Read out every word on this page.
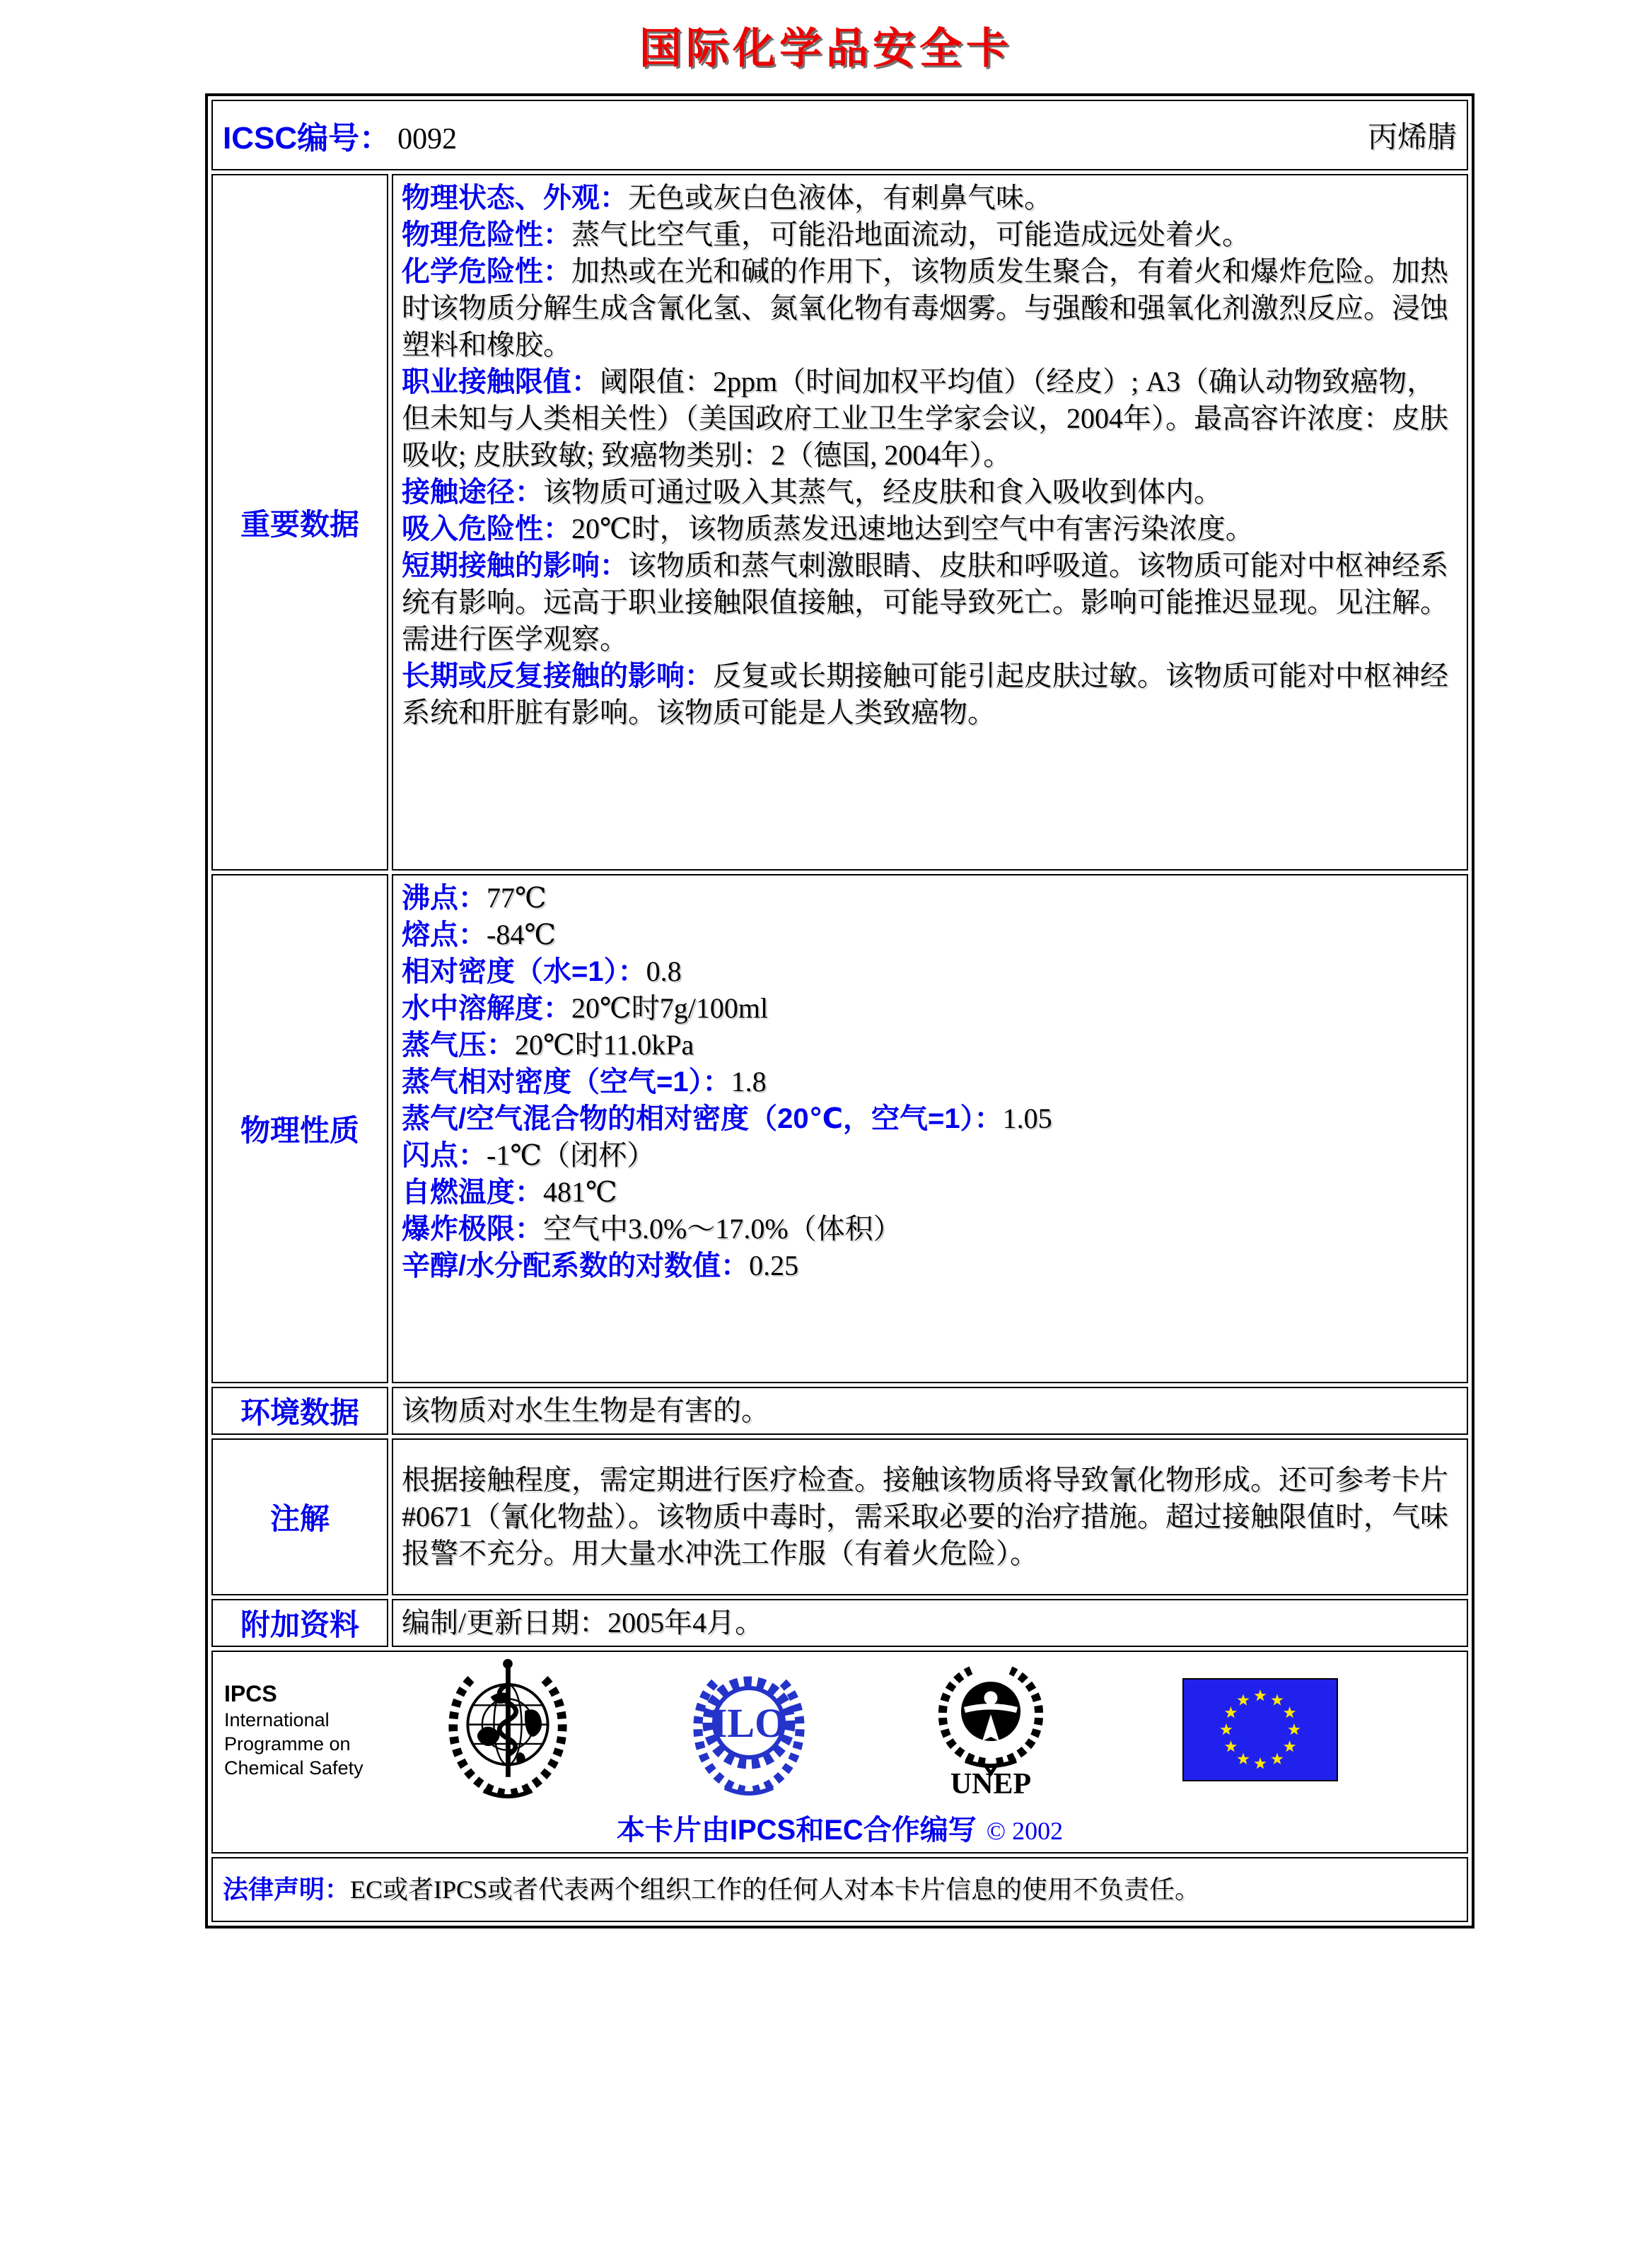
国际化学品安全卡
ICSC编号： 0092 丙烯腈	

重要数据	
物理状态、外观：无色或灰白色液体，有刺鼻气味。
物理危险性：蒸气比空气重，可能沿地面流动，可能造成远处着火。
化学危险性：加热或在光和碱的作用下，该物质发生聚合，有着火和爆炸危险。加热时该物质分解生成含氰化氢、氮氧化物有毒烟雾。与强酸和强氧化剂激烈反应。浸蚀塑料和橡胶。
职业接触限值：阈限值：2ppm（时间加权平均值）（经皮）; A3（确认动物致癌物，但未知与人类相关性）（美国政府工业卫生学家会议，2004年）。最高容许浓度：皮肤吸收; 皮肤致敏; 致癌物类别：2（德国, 2004年）。
接触途径：该物质可通过吸入其蒸气，经皮肤和食入吸收到体内。
吸入危险性：20℃时，该物质蒸发迅速地达到空气中有害污染浓度。
短期接触的影响：该物质和蒸气刺激眼睛、皮肤和呼吸道。该物质可能对中枢神经系统有影响。远高于职业接触限值接触，可能导致死亡。影响可能推迟显现。见注解。需进行医学观察。
长期或反复接触的影响：反复或长期接触可能引起皮肤过敏。该物质可能对中枢神经系统和肝脏有影响。该物质可能是人类致癌物。

物理性质	
沸点：77℃
熔点：-84℃
相对密度（水=1）：0.8
水中溶解度：20℃时7g/100ml
蒸气压：20℃时11.0kPa
蒸气相对密度（空气=1）：1.8
蒸气/空气混合物的相对密度（20℃，空气=1）：1.05
闪点：-1℃（闭杯）
自燃温度：481℃
爆炸极限：空气中3.0%～17.0%（体积）
辛醇/水分配系数的对数值：0.25

环境数据	该物质对水生生物是有害的。
注解	根据接触程度，需定期进行医疗检查。接触该物质将导致氰化物形成。还可参考卡片#0671（氰化物盐）。该物质中毒时，需采取必要的治疗措施。超过接触限值时，气味报警不充分。用大量水冲洗工作服（有着火危险）。
附加资料	编制/更新日期：2005年4月。

IPCS
International
Programme on
Chemical Safety
ILO
UNEP
本卡片由IPCS和EC合作编写 © 2002

法律声明：EC或者IPCS或者代表两个组织工作的任何人对本卡片信息的使用不负责任。	
